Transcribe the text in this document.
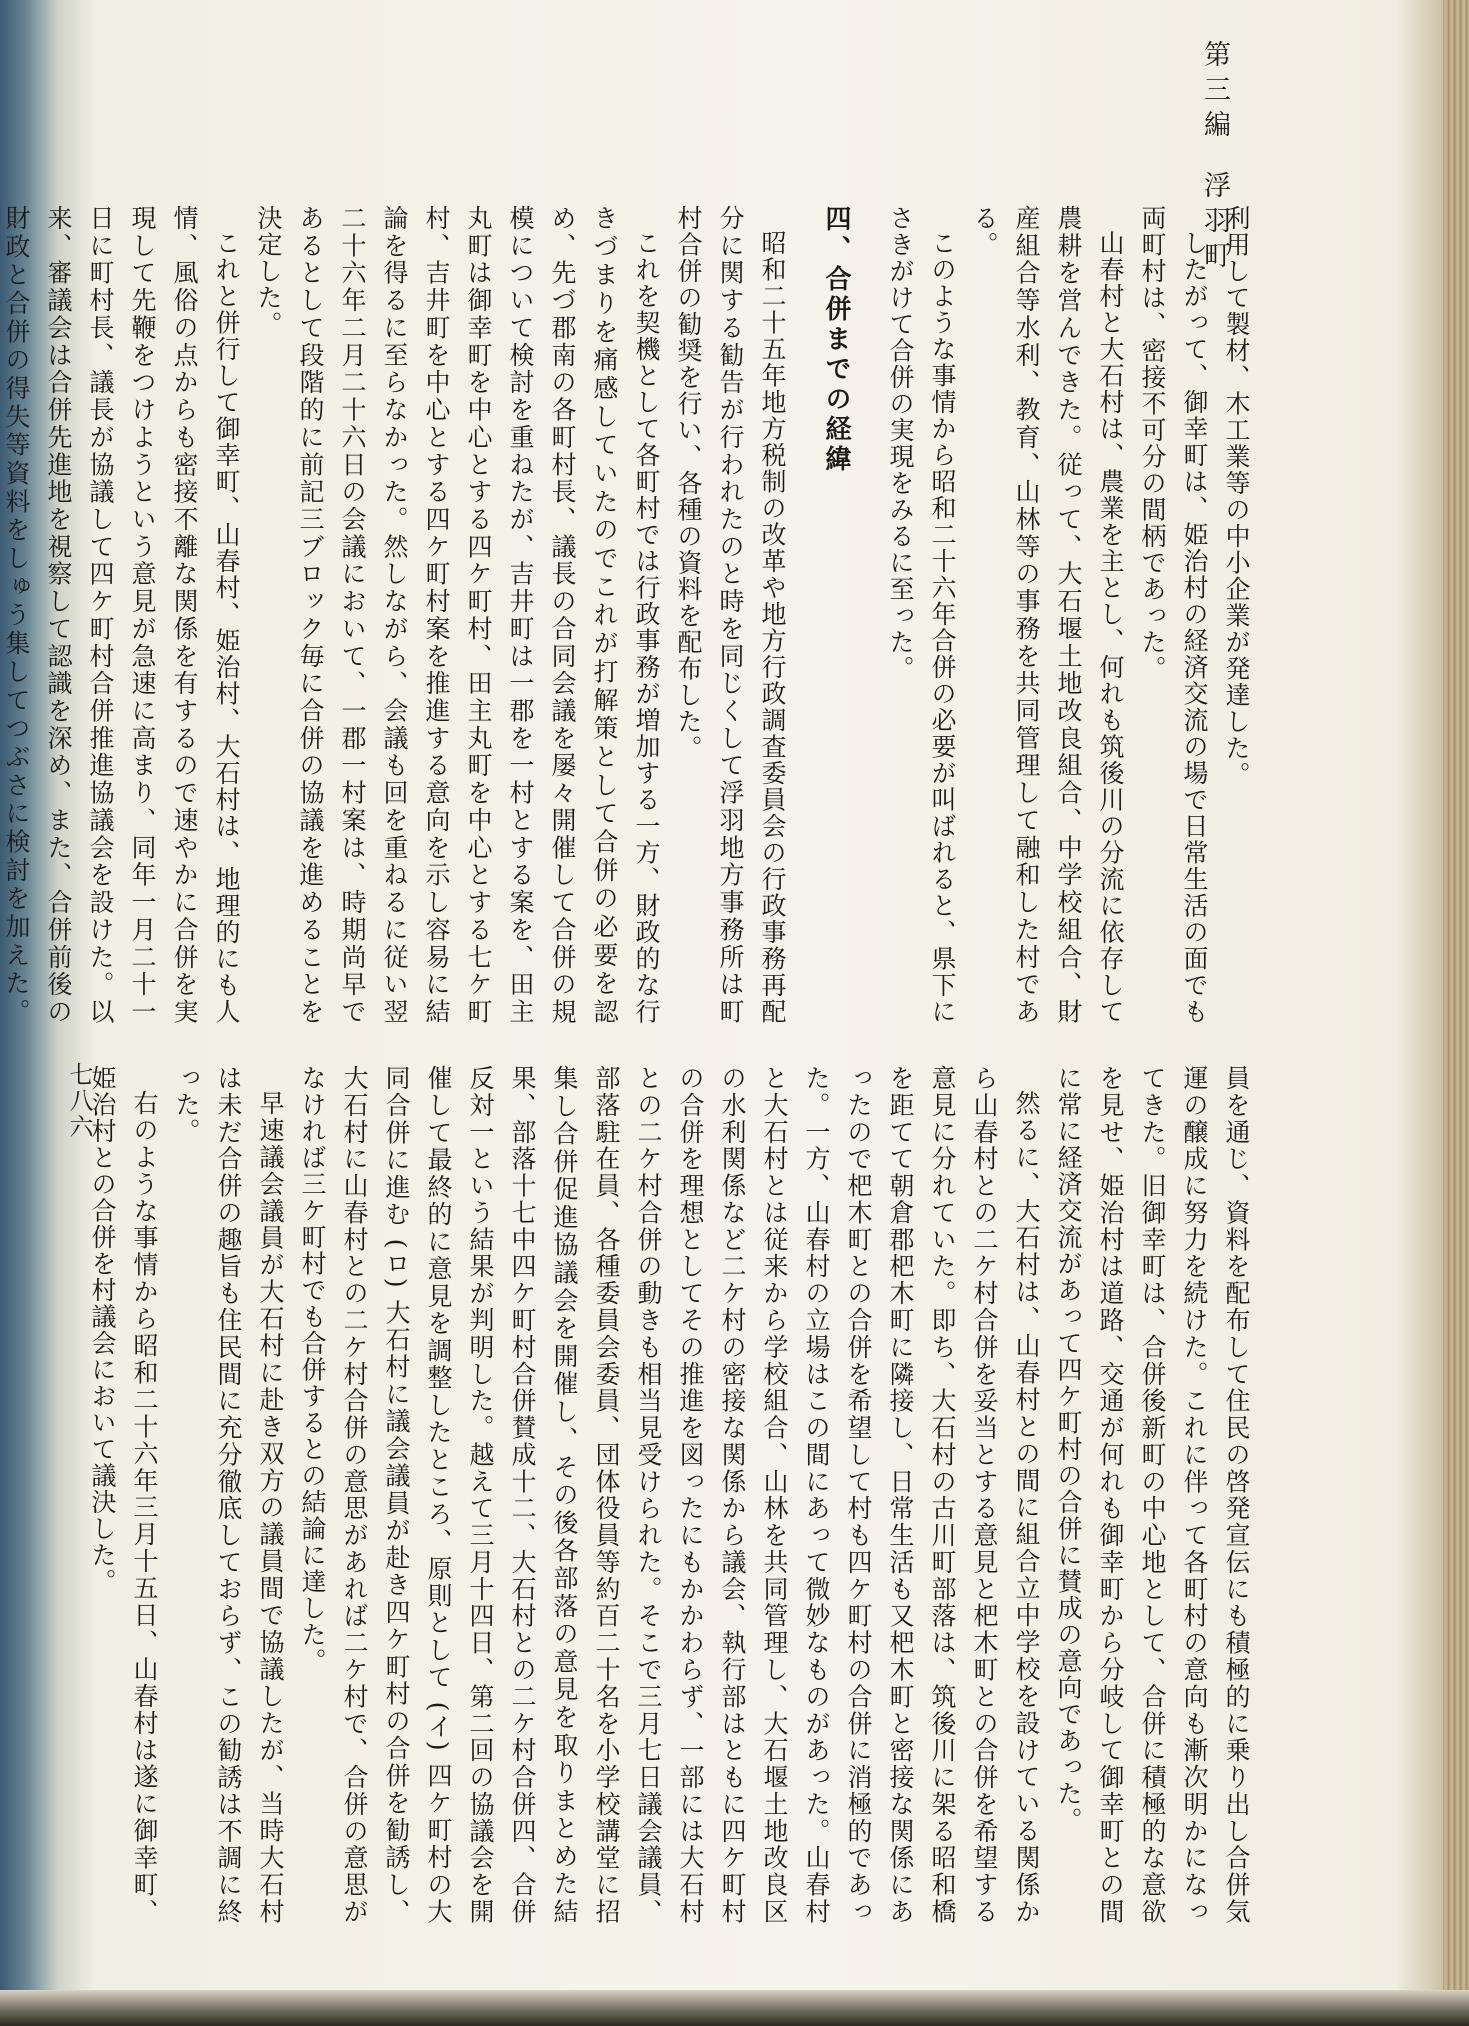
第三編浮羽町
七八六

利用して製材、木工業等の中小企業が発達した。

したがって、御幸町は、姫治村の経済交流の場で日常生活の面でも両町村は、密接不可分の間柄であった。

山春村と大石村は、農業を主とし、何れも筑後川の分流に依存して農耕を営んできた。従って、大石堰土地改良組合、中学校組合、財産組合等水利、教育、山林等の事務を共同管理して融和した村である。

このような事情から昭和二十六年合併の必要が叫ばれると、県下にさきがけて合併の実現をみるに至った。

四、合併までの経緯

昭和二十五年地方税制の改革や地方行政調査委員会の行政事務再配分に関する勧告が行われたのと時を同じくして浮羽地方事務所は町村合併の勧奨を行い、各種の資料を配布した。

これを契機として各町村では行政事務が増加する一方、財政的な行きづまりを痛感していたのでこれが打解策として合併の必要を認め、先づ郡南の各町村長、議長の合同会議を屡々開催して合併の規模について検討を重ねたが、吉井町は一郡を一村とする案を、田主丸町は御幸町を中心とする四ケ町村、田主丸町を中心とする七ケ町村、吉井町を中心とする四ケ町村案を推進する意向を示し容易に結論を得るに至らなかった。然しながら、会議も回を重ねるに従い翌二十六年二月二十六日の会議において、一郡一村案は、時期尚早であるとして段階的に前記三ブロック毎に合併の協議を進めることを決定した。

これと併行して御幸町、山春村、姫治村、大石村は、地理的にも人情、風俗の点からも密接不離な関係を有するので速やかに合併を実現して先鞭をつけようという意見が急速に高まり、同年一月二十一日に町村長、議長が協議して四ケ町村合併推進協議会を設けた。以来、審議会は合併先進地を視察して認識を深め、また、合併前後の財政と合併の得失等資料をしゅう集してつぶさに検討を加えた。

員を通じ、資料を配布して住民の啓発宣伝にも積極的に乗り出し合併気運の醸成に努力を続けた。これに伴って各町村の意向も漸次明かになってきた。旧御幸町は、合併後新町の中心地として、合併に積極的な意欲を見せ、姫治村は道路、交通が何れも御幸町から分岐して御幸町との間に常に経済交流があって四ケ町村の合併に賛成の意向であった。

然るに、大石村は、山春村との間に組合立中学校を設けている関係から山春村との二ケ村合併を妥当とする意見と杷木町との合併を希望する意見に分れていた。即ち、大石村の古川町部落は、筑後川に架る昭和橋を距てて朝倉郡杷木町に隣接し、日常生活も又杷木町と密接な関係にあったので杷木町との合併を希望して村も四ケ町村の合併に消極的であった。一方、山春村の立場はこの間にあって微妙なものがあった。山春村と大石村とは従来から学校組合、山林を共同管理し、大石堰土地改良区の水利関係など二ケ村の密接な関係から議会、執行部はともに四ケ町村の合併を理想としてその推進を図ったにもかかわらず、一部には大石村との二ケ村合併の動きも相当見受けられた。そこで三月七日議会議員、部落駐在員、各種委員会委員、団体役員等約百二十名を小学校講堂に招集し合併促進協議会を開催し、その後各部落の意見を取りまとめた結果、部落十七中四ケ町村合併賛成十二、大石村との二ケ村合併四、合併反対一という結果が判明した。越えて三月十四日、第二回の協議会を開催して最終的に意見を調整したところ、原則として (イ) 四ケ町村の大同合併に進む (ロ) 大石村に議会議員が赴き四ケ町村の合併を勧誘し、大石村に山春村との二ケ村合併の意思があれば二ケ村で、合併の意思がなければ三ケ町村でも合併するとの結論に達した。

早速議会議員が大石村に赴き双方の議員間で協議したが、当時大石村は未だ合併の趣旨も住民間に充分徹底しておらず、この勧誘は不調に終った。

右のような事情から昭和二十六年三月十五日、山春村は遂に御幸町、姫治村との合併を村議会において議決した。
